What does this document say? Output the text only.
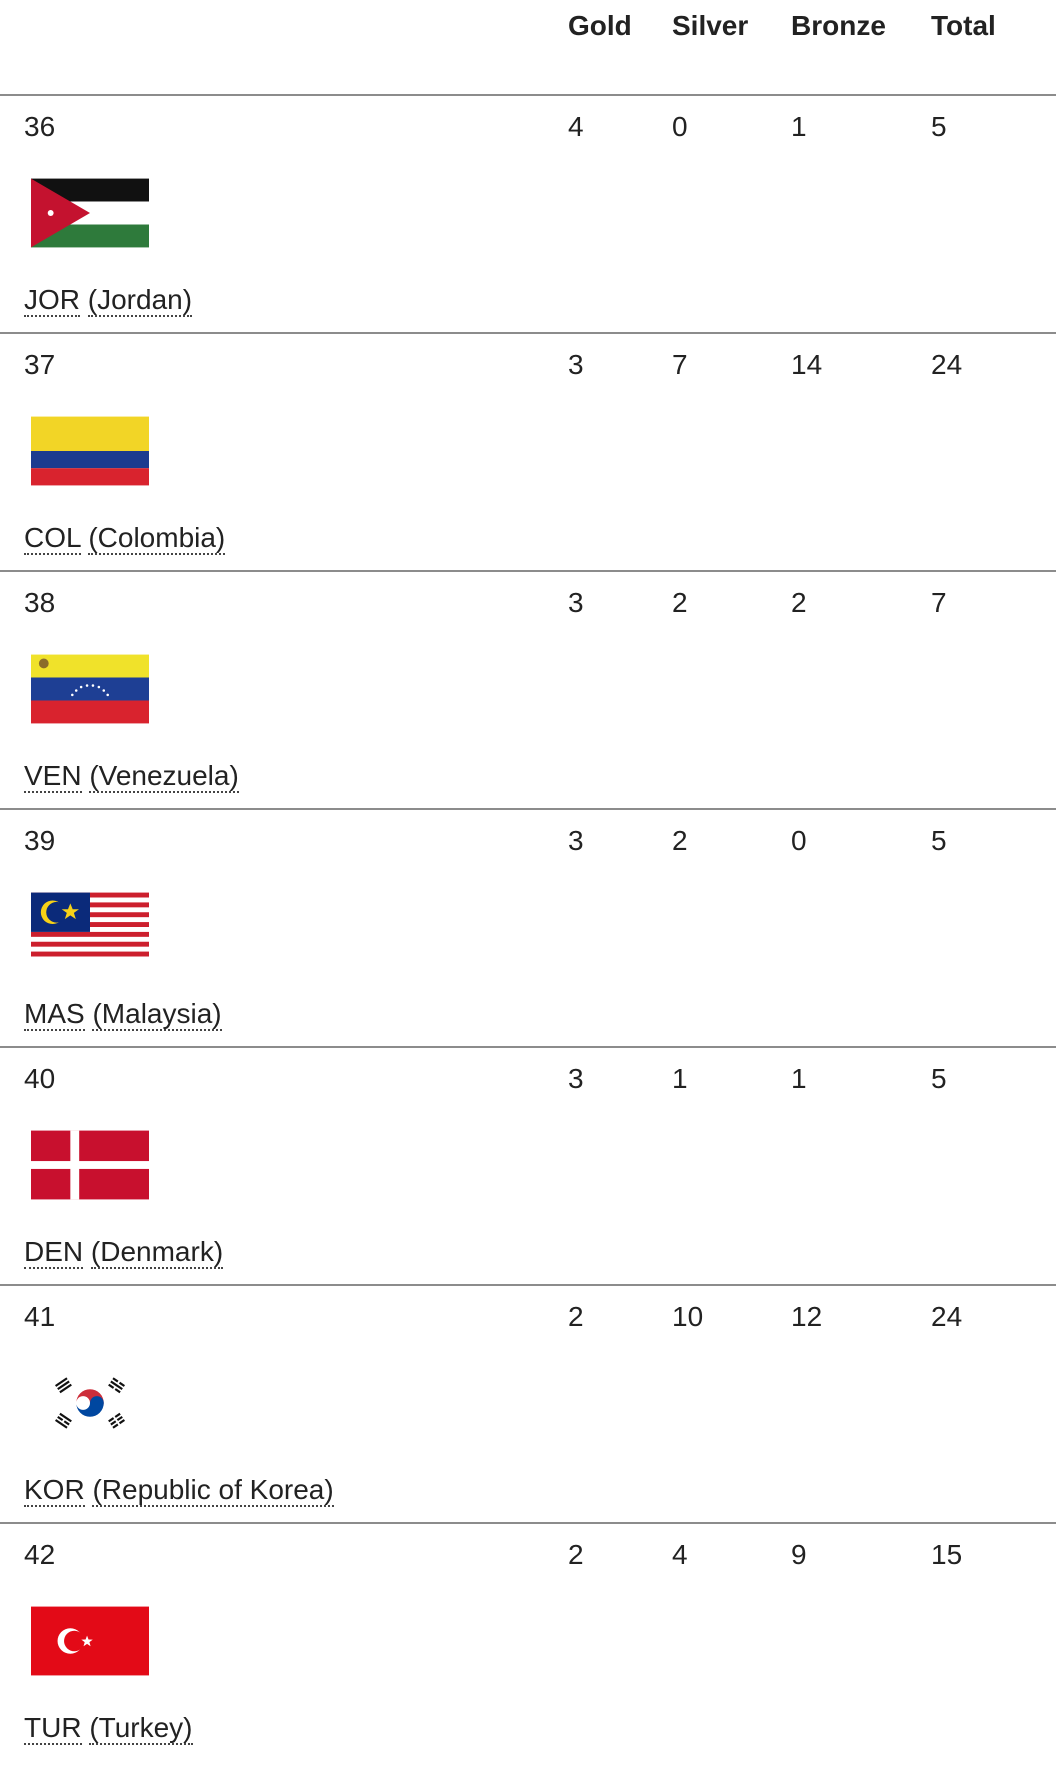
Gold Silver Bronze Total
36	4	0	1	5
JOR (Jordan)
37	3	7	14	24
COL (Colombia)
38	3	2	2	7
VEN (Venezuela)
39	3	2	0	5
MAS (Malaysia)
40	3	1	1	5
DEN (Denmark)
41	2	10	12	24
KOR (Republic of Korea)
42	2	4	9	15
TUR (Turkey)
